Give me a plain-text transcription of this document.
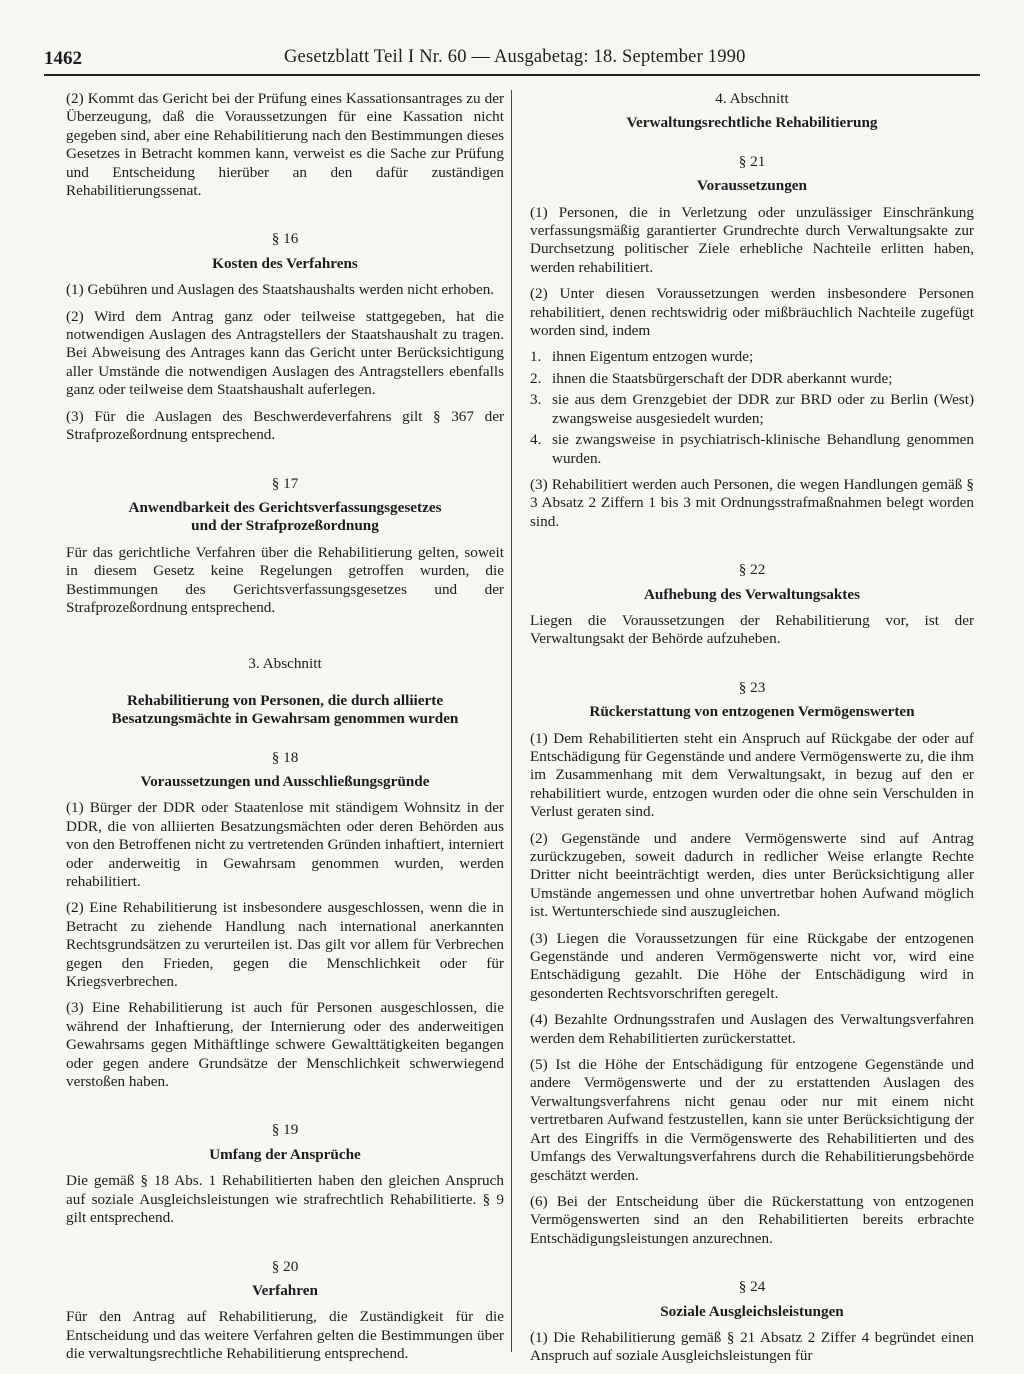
1462	Gesetzblatt Teil I Nr. 60 — Ausgabetag: 18. September 1990

(2) Kommt das Gericht bei der Prüfung eines Kassationsantrages zu der Überzeugung, daß die Voraussetzungen für eine Kassation nicht gegeben sind, aber eine Rehabilitierung nach den Bestimmungen dieses Gesetzes in Betracht kommen kann, verweist es die Sache zur Prüfung und Entscheidung hierüber an den dafür zuständigen Rehabilitierungssenat.

§ 16

Kosten des Verfahrens

(1) Gebühren und Auslagen des Staatshaushalts werden nicht erhoben.

(2) Wird dem Antrag ganz oder teilweise stattgegeben, hat die notwendigen Auslagen des Antragstellers der Staatshaushalt zu tragen. Bei Abweisung des Antrages kann das Gericht unter Berücksichtigung aller Umstände die notwendigen Auslagen des Antragstellers ebenfalls ganz oder teilweise dem Staatshaushalt auferlegen.

(3) Für die Auslagen des Beschwerdeverfahrens gilt § 367 der Strafprozeßordnung entsprechend.

§ 17

Anwendbarkeit des Gerichtsverfassungsgesetzes

und der Strafprozeßordnung

Für das gerichtliche Verfahren über die Rehabilitierung gelten, soweit in diesem Gesetz keine Regelungen getroffen wurden, die Bestimmungen des Gerichtsverfassungsgesetzes und der Strafprozeßordnung entsprechend.

3. Abschnitt

Rehabilitierung von Personen, die durch alliierte

Besatzungsmächte in Gewahrsam genommen wurden

§ 18

Voraussetzungen und Ausschließungsgründe

(1) Bürger der DDR oder Staatenlose mit ständigem Wohnsitz in der DDR, die von alliierten Besatzungsmächten oder deren Behörden aus von den Betroffenen nicht zu vertretenden Gründen inhaftiert, interniert oder anderweitig in Gewahrsam genommen wurden, werden rehabilitiert.

(2) Eine Rehabilitierung ist insbesondere ausgeschlossen, wenn die in Betracht zu ziehende Handlung nach international anerkannten Rechtsgrundsätzen zu verurteilen ist. Das gilt vor allem für Verbrechen gegen den Frieden, gegen die Menschlichkeit oder für Kriegsverbrechen.

(3) Eine Rehabilitierung ist auch für Personen ausgeschlossen, die während der Inhaftierung, der Internierung oder des anderweitigen Gewahrsams gegen Mithäftlinge schwere Gewalttätigkeiten begangen oder gegen andere Grundsätze der Menschlichkeit schwerwiegend verstoßen haben.

§ 19

Umfang der Ansprüche

Die gemäß § 18 Abs. 1 Rehabilitierten haben den gleichen Anspruch auf soziale Ausgleichsleistungen wie strafrechtlich Rehabilitierte. § 9 gilt entsprechend.

§ 20

Verfahren

Für den Antrag auf Rehabilitierung, die Zuständigkeit für die Entscheidung und das weitere Verfahren gelten die Bestimmungen über die verwaltungsrechtliche Rehabilitierung entsprechend.

4. Abschnitt

Verwaltungsrechtliche Rehabilitierung

§ 21

Voraussetzungen

(1) Personen, die in Verletzung oder unzulässiger Einschränkung verfassungsmäßig garantierter Grundrechte durch Verwaltungsakte zur Durchsetzung politischer Ziele erhebliche Nachteile erlitten haben, werden rehabilitiert.

(2) Unter diesen Voraussetzungen werden insbesondere Personen rehabilitiert, denen rechtswidrig oder mißbräuchlich Nachteile zugefügt worden sind, indem

1. ihnen Eigentum entzogen wurde;
2. ihnen die Staatsbürgerschaft der DDR aberkannt wurde;
3. sie aus dem Grenzgebiet der DDR zur BRD oder zu Berlin (West) zwangsweise ausgesiedelt wurden;
4. sie zwangsweise in psychiatrisch-klinische Behandlung genommen wurden.

(3) Rehabilitiert werden auch Personen, die wegen Handlungen gemäß § 3 Absatz 2 Ziffern 1 bis 3 mit Ordnungsstrafmaßnahmen belegt worden sind.

§ 22

Aufhebung des Verwaltungsaktes

Liegen die Voraussetzungen der Rehabilitierung vor, ist der Verwaltungsakt der Behörde aufzuheben.

§ 23

Rückerstattung von entzogenen Vermögenswerten

(1) Dem Rehabilitierten steht ein Anspruch auf Rückgabe der oder auf Entschädigung für Gegenstände und andere Vermögenswerte zu, die ihm im Zusammenhang mit dem Verwaltungsakt, in bezug auf den er rehabilitiert wurde, entzogen wurden oder die ohne sein Verschulden in Verlust geraten sind.

(2) Gegenstände und andere Vermögenswerte sind auf Antrag zurückzugeben, soweit dadurch in redlicher Weise erlangte Rechte Dritter nicht beeinträchtigt werden, dies unter Berücksichtigung aller Umstände angemessen und ohne unvertretbar hohen Aufwand möglich ist. Wertunterschiede sind auszugleichen.

(3) Liegen die Voraussetzungen für eine Rückgabe der entzogenen Gegenstände und anderen Vermögenswerte nicht vor, wird eine Entschädigung gezahlt. Die Höhe der Entschädigung wird in gesonderten Rechtsvorschriften geregelt.

(4) Bezahlte Ordnungsstrafen und Auslagen des Verwaltungsverfahren werden dem Rehabilitierten zurückerstattet.

(5) Ist die Höhe der Entschädigung für entzogene Gegenstände und andere Vermögenswerte und der zu erstattenden Auslagen des Verwaltungsverfahrens nicht genau oder nur mit einem nicht vertretbaren Aufwand festzustellen, kann sie unter Berücksichtigung der Art des Eingriffs in die Vermögenswerte des Rehabilitierten und des Umfangs des Verwaltungsverfahrens durch die Rehabilitierungsbehörde geschätzt werden.

(6) Bei der Entscheidung über die Rückerstattung von entzogenen Vermögenswerten sind an den Rehabilitierten bereits erbrachte Entschädigungsleistungen anzurechnen.

§ 24

Soziale Ausgleichsleistungen

(1) Die Rehabilitierung gemäß § 21 Absatz 2 Ziffer 4 begründet einen Anspruch auf soziale Ausgleichsleistungen für
